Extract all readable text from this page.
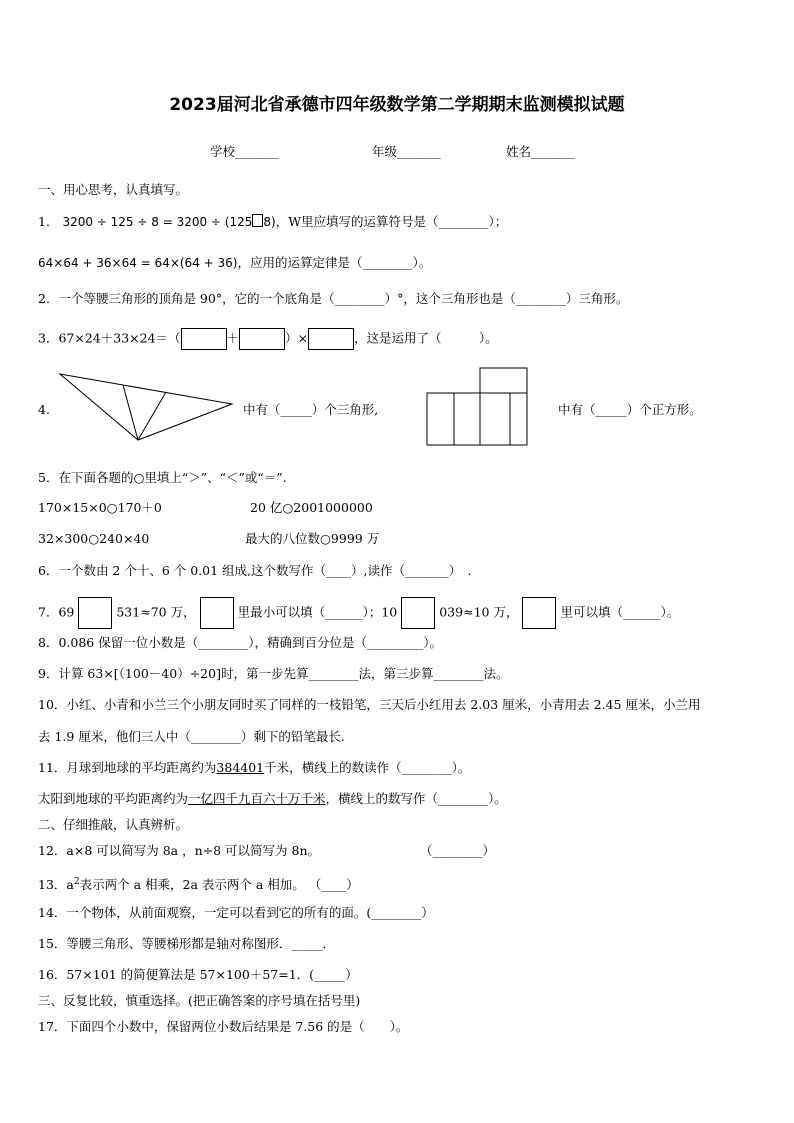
2023届河北省承德市四年级数学第二学期期末监测模拟试题
学校_______	年级_______	姓名_______
一、用心思考，认真填写。
1． 3200 ÷ 125 ÷ 8 = 3200 ÷ (125 8)，W里应填写的运算符号是（________）；
64×64 + 36×64 = 64×(64 + 36)，应用的运算定律是（________）。
2．一个等腰三角形的顶角是 90°，它的一个底角是（________）°，这个三角形也是（________）三角形。
3．67×24＋33×24＝（	＋	）×	，这是运用了（　　　）。
4.	中有（_____）个三角形,	中有（_____）个正方形。
5．在下面各题的○里填上“＞”、“＜”或“＝”.
170×15×0○170＋0	20 亿○2001000000
32×300○240×40	最大的八位数○9999 万
6．一个数由 2 个十、6 个 0.01 组成,这个数写作（____）,读作（_______）　.
7．69	531≈70 万，	里最小可以填（______）；10	039≈10 万，	里可以填（______）。
8．0.086 保留一位小数是（________），精确到百分位是（_________）。
9．计算 63×[（100－40）÷20]时，第一步先算________法，第三步算________法。
10．小红、小青和小兰三个小朋友同时买了同样的一枝铅笔，三天后小红用去 2.03 厘米，小青用去 2.45 厘米，小兰用
去 1.9 厘米，他们三人中（________）剩下的铅笔最长.
11．月球到地球的平均距离约为384401千米，横线上的数读作（________）。
太阳到地球的平均距离约为一亿四千九百六十万千米，横线上的数写作（________）。
二、仔细推敲，认真辨析。
12．a×8 可以简写为 8a ，n÷8 可以简写为 8n。	（________）
13．$a^2$表示两个 a 相乘，2a 表示两个 a 相加。 （____）
14．一个物体，从前面观察，一定可以看到它的所有的面。(________）
15．等腰三角形、等腰梯形都是轴对称图形．_____．
16．57×101 的简便算法是 57×100＋57=1．(_____）
三、反复比较，慎重选择。(把正确答案的序号填在括号里)
17．下面四个小数中，保留两位小数后结果是 7.56 的是（　　）。
